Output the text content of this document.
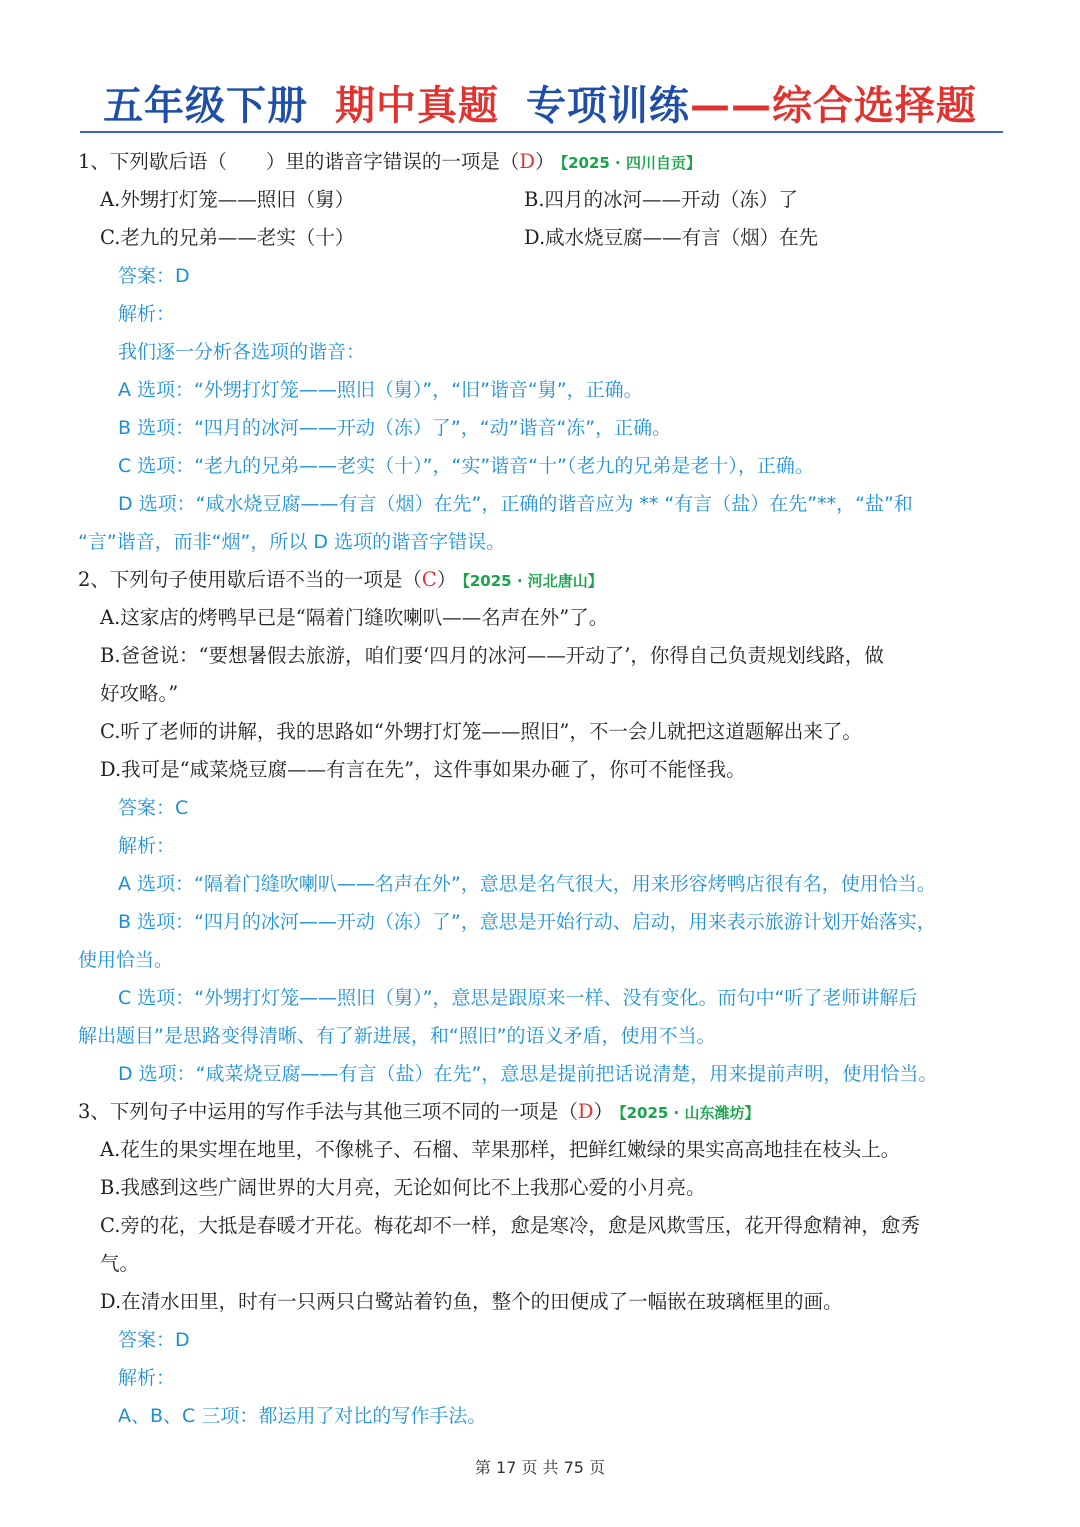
五年级下册 期中真题 专项训练——综合选择题
1、下列歇后语（　　）里的谐音字错误的一项是（D） 【2025 · 四川自贡】
A.外甥打灯笼——照旧（舅）	B.四月的冰河——开动（冻）了
C.老九的兄弟——老实（十）	D.咸水烧豆腐——有言（烟）在先
答案：D
解析：
我们逐一分析各选项的谐音：
A 选项：“外甥打灯笼——照旧（舅）”，“旧”谐音“舅”，正确。
B 选项：“四月的冰河——开动（冻）了”，“动”谐音“冻”，正确。
C 选项：“老九的兄弟——老实（十）”，“实”谐音“十”（老九的兄弟是老十），正确。
D 选项：“咸水烧豆腐——有言（烟）在先”，正确的谐音应为 ** “有言（盐）在先”**，“盐”和
“言”谐音，而非“烟”，所以 D 选项的谐音字错误。
2、下列句子使用歇后语不当的一项是（C） 【2025 · 河北唐山】
A.这家店的烤鸭早已是“隔着门缝吹喇叭——名声在外”了。
B.爸爸说：“要想暑假去旅游，咱们要‘四月的冰河——开动了’，你得自己负责规划线路，做
好攻略。”
C.听了老师的讲解，我的思路如“外甥打灯笼——照旧”，不一会儿就把这道题解出来了。
D.我可是“咸菜烧豆腐——有言在先”，这件事如果办砸了，你可不能怪我。
答案：C
解析：
A 选项：“隔着门缝吹喇叭——名声在外”，意思是名气很大，用来形容烤鸭店很有名，使用恰当。
B 选项：“四月的冰河——开动（冻）了”，意思是开始行动、启动，用来表示旅游计划开始落实，
使用恰当。
C 选项：“外甥打灯笼——照旧（舅）”，意思是跟原来一样、没有变化。而句中“听了老师讲解后
解出题目”是思路变得清晰、有了新进展，和“照旧”的语义矛盾，使用不当。
D 选项：“咸菜烧豆腐——有言（盐）在先”，意思是提前把话说清楚，用来提前声明，使用恰当。
3、下列句子中运用的写作手法与其他三项不同的一项是（D） 【2025 · 山东潍坊】
A.花生的果实埋在地里，不像桃子、石榴、苹果那样，把鲜红嫩绿的果实高高地挂在枝头上。
B.我感到这些广阔世界的大月亮，无论如何比不上我那心爱的小月亮。
C.旁的花，大抵是春暖才开花。梅花却不一样，愈是寒冷，愈是风欺雪压，花开得愈精神，愈秀
气。
D.在清水田里，时有一只两只白鹭站着钓鱼，整个的田便成了一幅嵌在玻璃框里的画。
答案：D
解析：
A、B、C 三项：都运用了对比的写作手法。
第 17 页 共 75 页
